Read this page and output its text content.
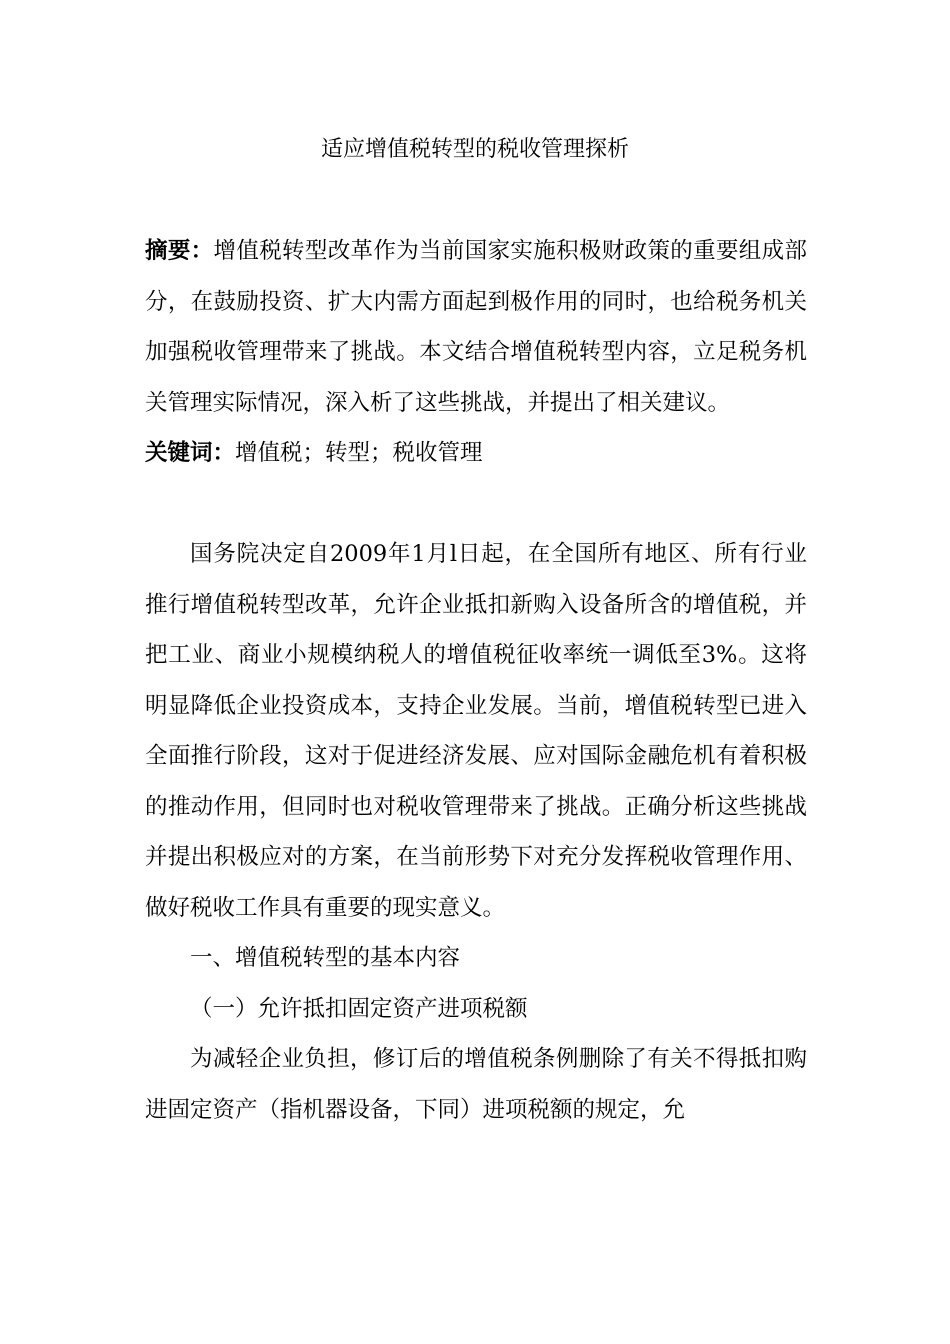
适应增值税转型的税收管理探析

摘要：增值税转型改革作为当前国家实施积极财政策的重要组成部分，在鼓励投资、扩大内需方面起到极作用的同时，也给税务机关加强税收管理带来了挑战。本文结合增值税转型内容，立足税务机关管理实际情况，深入析了这些挑战，并提出了相关建议。

关键词：增值税；转型；税收管理

国务院决定自2009年1月l日起，在全国所有地区、所有行业推行增值税转型改革，允许企业抵扣新购入设备所含的增值税，并把工业、商业小规模纳税人的增值税征收率统一调低至3%。这将明显降低企业投资成本，支持企业发展。当前，增值税转型已进入全面推行阶段，这对于促进经济发展、应对国际金融危机有着积极的推动作用，但同时也对税收管理带来了挑战。正确分析这些挑战并提出积极应对的方案，在当前形势下对充分发挥税收管理作用、做好税收工作具有重要的现实意义。

一、增值税转型的基本内容

（一）允许抵扣固定资产进项税额

为减轻企业负担，修订后的增值税条例删除了有关不得抵扣购进固定资产（指机器设备，下同）进项税额的规定，允
